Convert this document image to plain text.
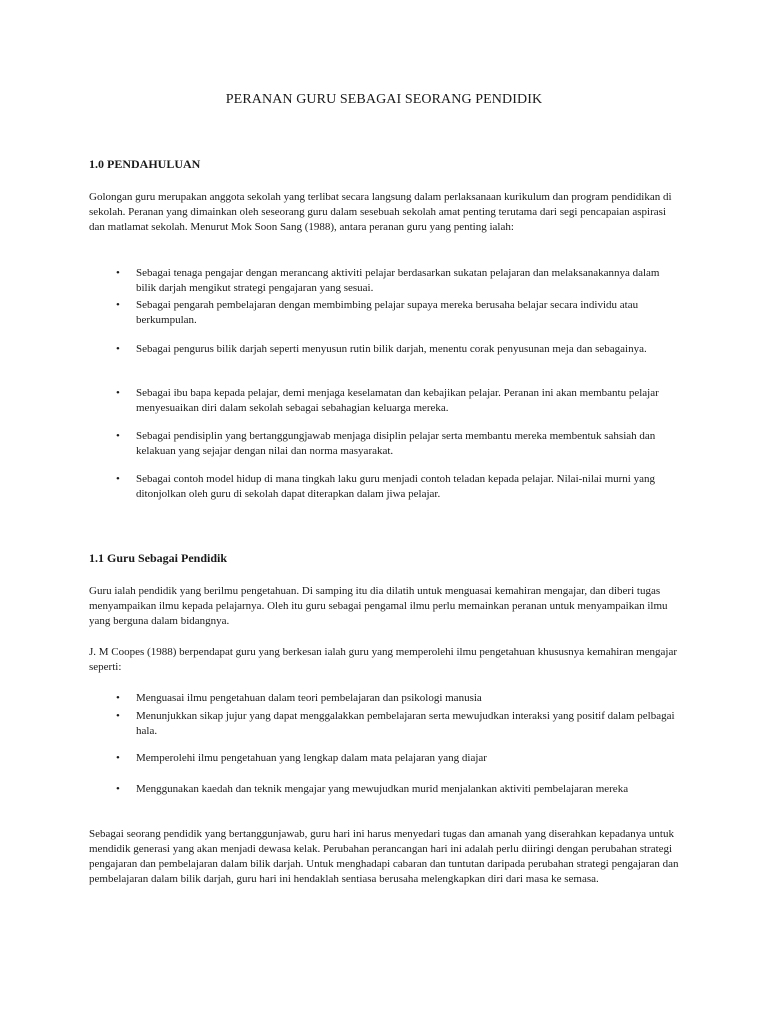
PERANAN GURU SEBAGAI SEORANG PENDIDIK
1.0 PENDAHULUAN

Golongan guru merupakan anggota sekolah yang terlibat secara langsung dalam perlaksanaan kurikulum dan program pendidikan di sekolah. Peranan yang dimainkan oleh seseorang guru dalam sesebuah sekolah amat penting terutama dari segi pencapaian aspirasi dan matlamat sekolah. Menurut Mok Soon Sang (1988), antara peranan guru yang penting ialah:

• Sebagai tenaga pengajar dengan merancang aktiviti pelajar berdasarkan sukatan pelajaran dan melaksanakannya dalam bilik darjah mengikut strategi pengajaran yang sesuai.
• Sebagai pengarah pembelajaran dengan membimbing pelajar supaya mereka berusaha belajar secara individu atau berkumpulan.
• Sebagai pengurus bilik darjah seperti menyusun rutin bilik darjah, menentu corak penyusunan meja dan sebagainya.
• Sebagai ibu bapa kepada pelajar, demi menjaga keselamatan dan kebajikan pelajar. Peranan ini akan membantu pelajar menyesuaikan diri dalam sekolah sebagai sebahagian keluarga mereka.
• Sebagai pendisiplin yang bertanggungjawab menjaga disiplin pelajar serta membantu mereka membentuk sahsiah dan kelakuan yang sejajar dengan nilai dan norma masyarakat.
• Sebagai contoh model hidup di mana tingkah laku guru menjadi contoh teladan kepada pelajar. Nilai-nilai murni yang ditonjolkan oleh guru di sekolah dapat diterapkan dalam jiwa pelajar.
1.1 Guru Sebagai Pendidik

Guru ialah pendidik yang berilmu pengetahuan. Di samping itu dia dilatih untuk menguasai kemahiran mengajar, dan diberi tugas menyampaikan ilmu kepada pelajarnya. Oleh itu guru sebagai pengamal ilmu perlu memainkan peranan untuk menyampaikan ilmu yang berguna dalam bidangnya.

J. M Coopes (1988) berpendapat guru yang berkesan ialah guru yang memperolehi ilmu pengetahuan khususnya kemahiran mengajar seperti:

• Menguasai ilmu pengetahuan dalam teori pembelajaran dan psikologi manusia
• Menunjukkan sikap jujur yang dapat menggalakkan pembelajaran serta mewujudkan interaksi yang positif dalam pelbagai hala.
• Memperolehi ilmu pengetahuan yang lengkap dalam mata pelajaran yang diajar
• Menggunakan kaedah dan teknik mengajar yang mewujudkan murid menjalankan aktiviti pembelajaran mereka

Sebagai seorang pendidik yang bertanggunjawab, guru hari ini harus menyedari tugas dan amanah yang diserahkan kepadanya untuk mendidik generasi yang akan menjadi dewasa kelak. Perubahan perancangan hari ini adalah perlu diiringi dengan perubahan strategi pengajaran dan pembelajaran dalam bilik darjah. Untuk menghadapi cabaran dan tuntutan daripada perubahan strategi pengajaran dan pembelajaran dalam bilik darjah, guru hari ini hendaklah sentiasa berusaha melengkapkan diri dari masa ke semasa.
